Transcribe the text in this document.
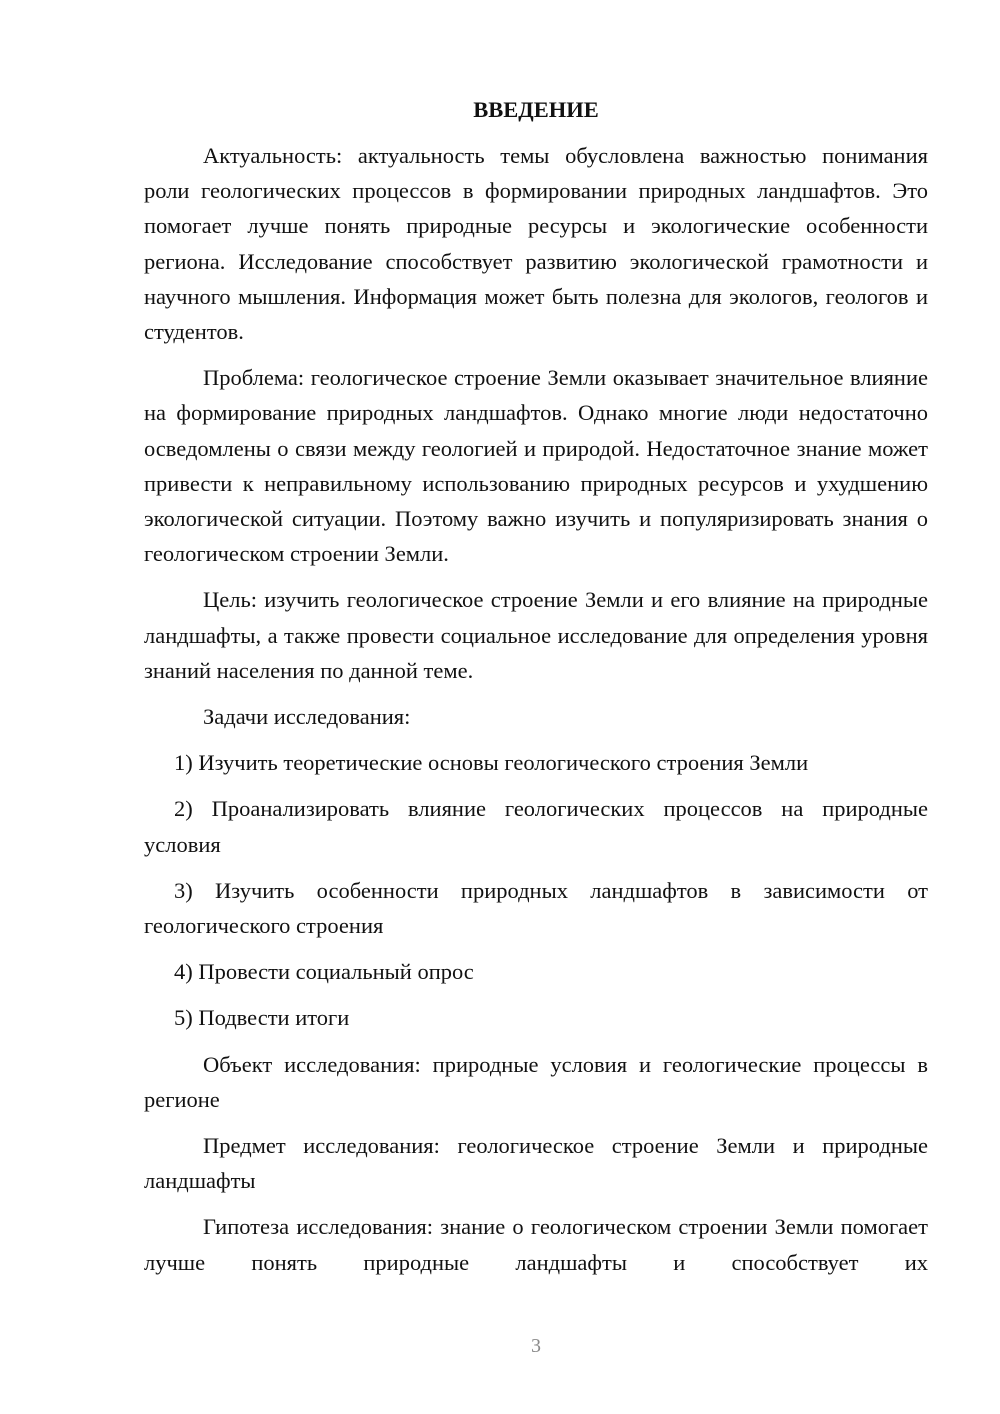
ВВЕДЕНИЕ

Актуальность: актуальность темы обусловлена важностью понимания роли геологических процессов в формировании природных ландшафтов. Это помогает лучше понять природные ресурсы и экологические особенности региона. Исследование способствует развитию экологической грамотности и научного мышления. Информация может быть полезна для экологов, геологов и студентов.

Проблема: геологическое строение Земли оказывает значительное влияние на формирование природных ландшафтов. Однако многие люди недостаточно осведомлены о связи между геологией и природой. Недостаточное знание может привести к неправильному использованию природных ресурсов и ухудшению экологической ситуации. Поэтому важно изучить и популяризировать знания о геологическом строении Земли.

Цель: изучить геологическое строение Земли и его влияние на природные ландшафты, а также провести социальное исследование для определения уровня знаний населения по данной теме.

Задачи исследования:

1) Изучить теоретические основы геологического строения Земли

2) Проанализировать влияние геологических процессов на природные условия

3) Изучить особенности природных ландшафтов в зависимости от геологического строения

4) Провести социальный опрос

5) Подвести итоги

Объект исследования: природные условия и геологические процессы в регионе

Предмет исследования: геологическое строение Земли и природные ландшафты

Гипотеза исследования: знание о геологическом строении Земли помогает лучше понять природные ландшафты и способствует их

3
